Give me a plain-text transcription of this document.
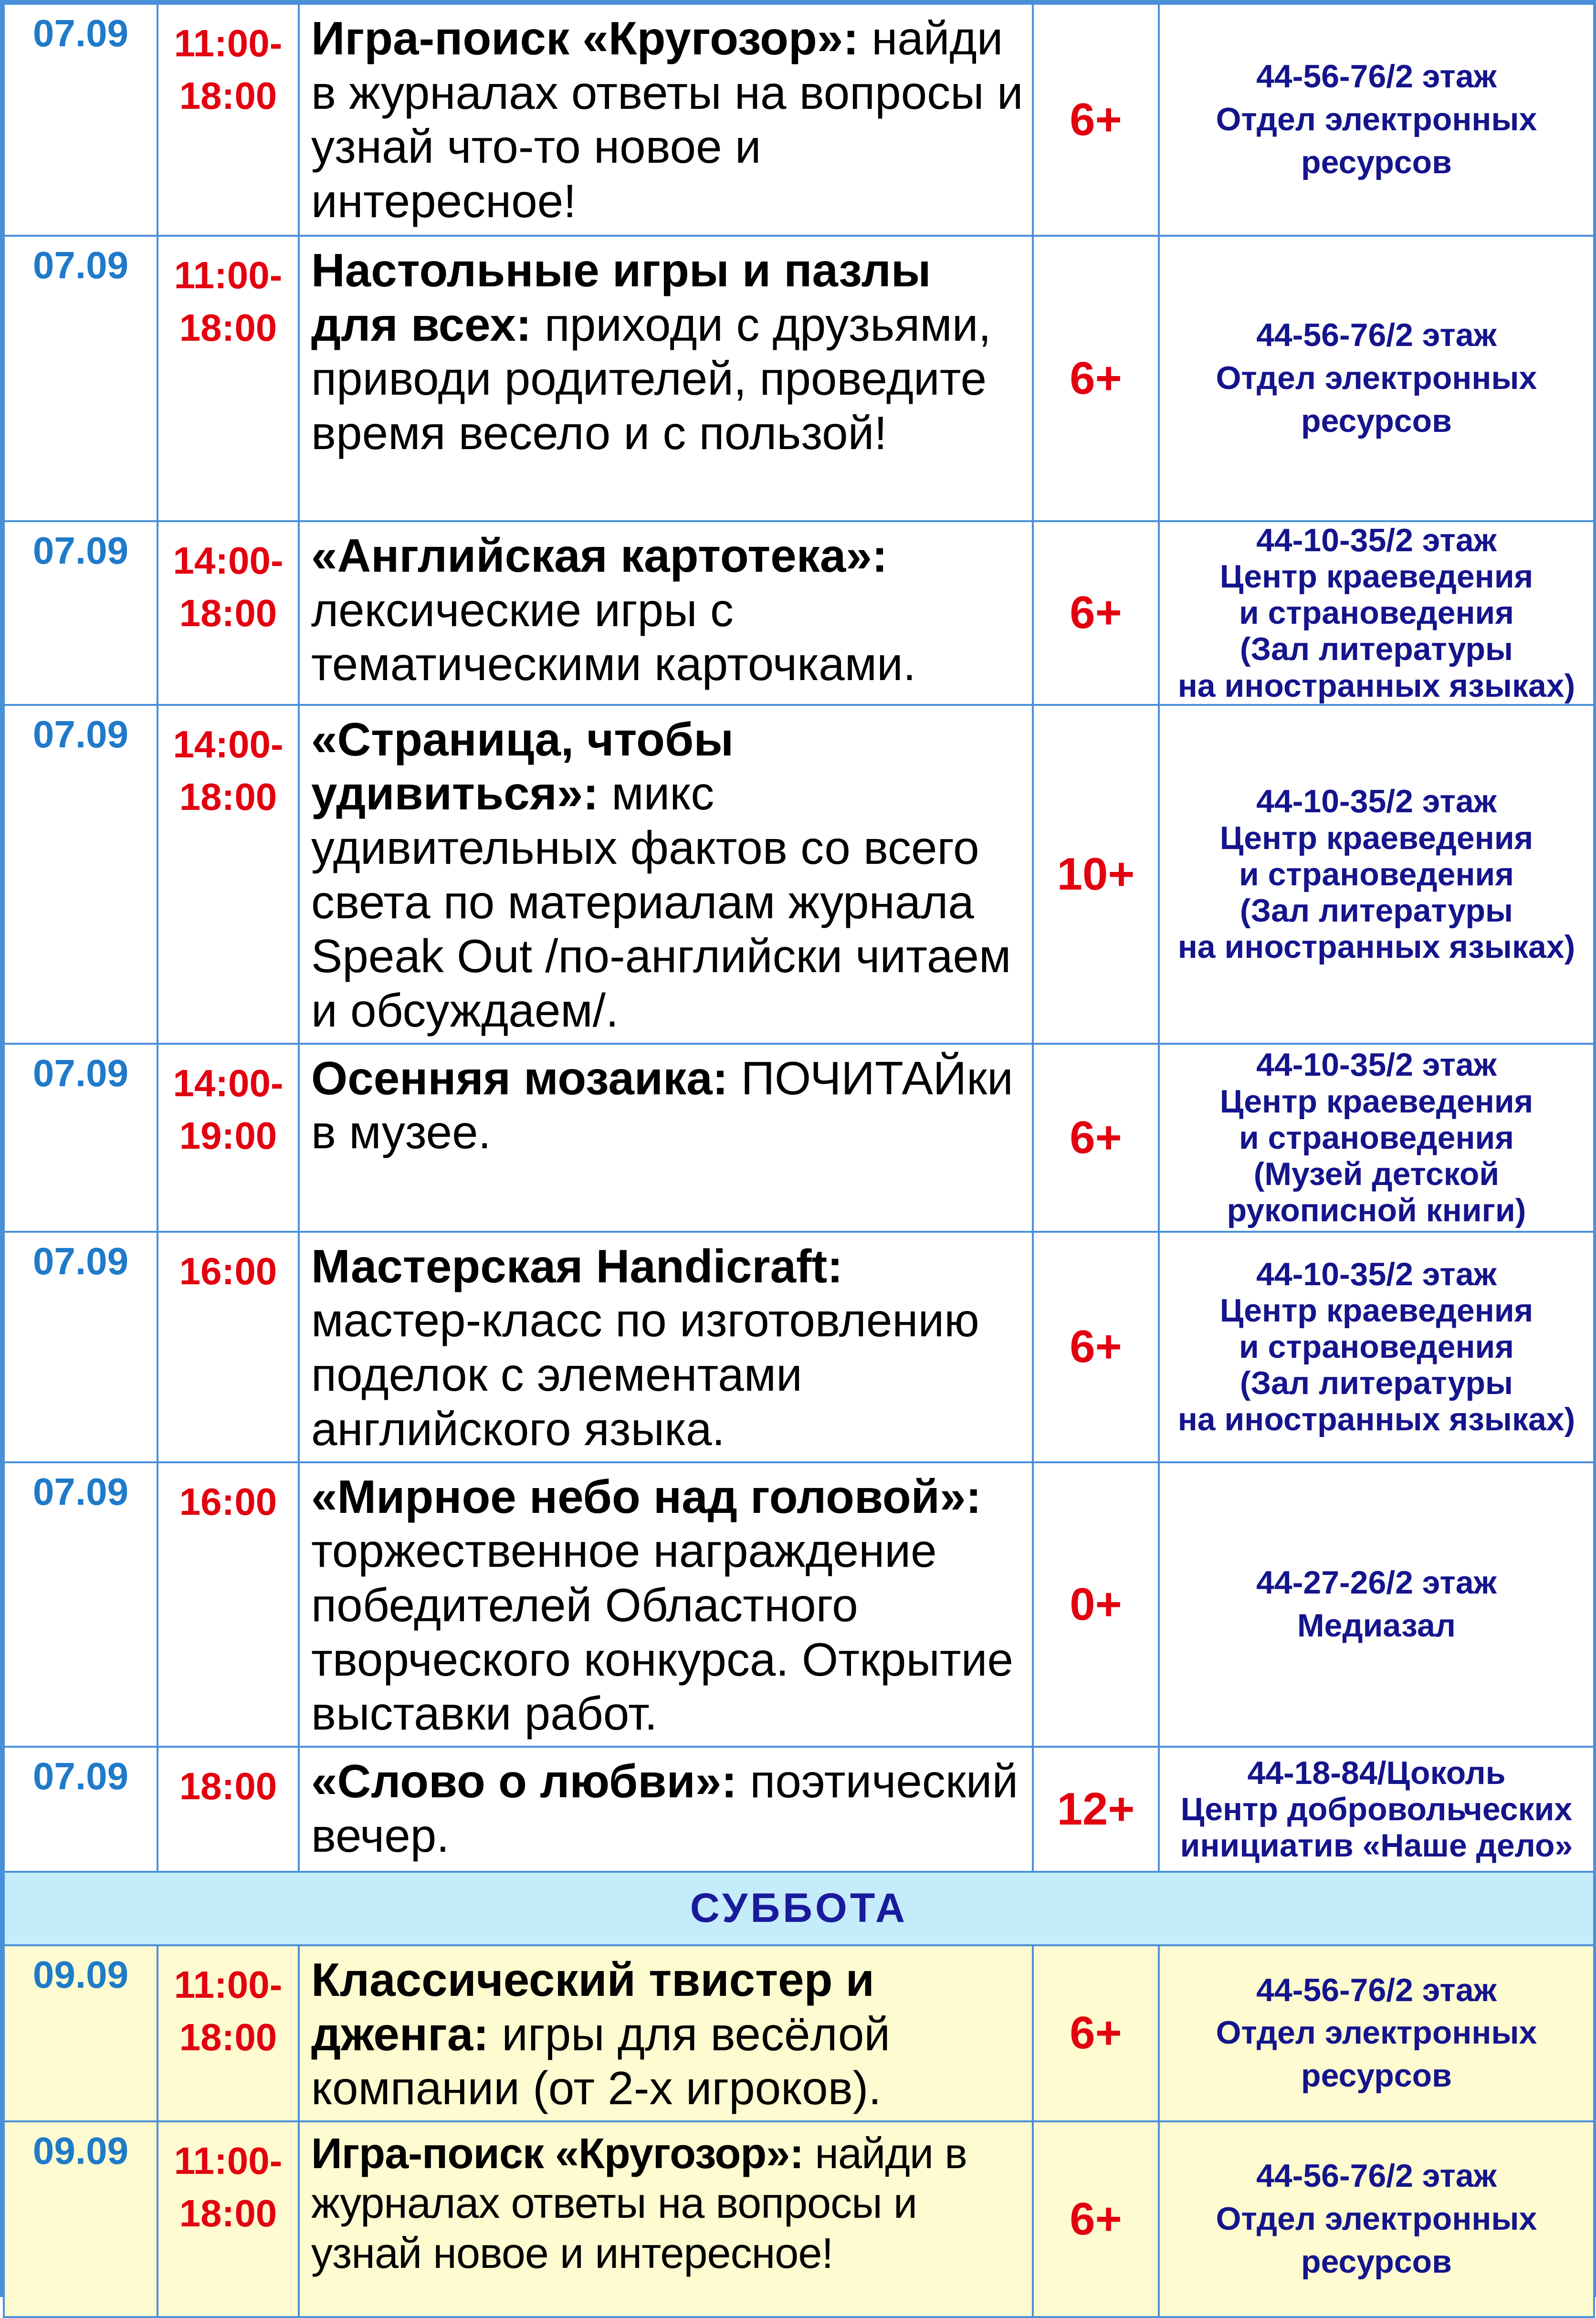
07.09	11:00-
18:00	Игра-поиск «Кругозор»: найди в журналах ответы на вопросы и узнай что-то новое и интересное!	6+	44-56-76/2 этаж
Отдел электронных
ресурсов

07.09	11:00-
18:00	Настольные игры и пазлы для всех: приходи с друзьями, приводи родителей, проведите время весело и с пользой!	6+	44-56-76/2 этаж
Отдел электронных
ресурсов

07.09	14:00-
18:00	«Английская картотека»: лексические игры с тематическими карточками.	6+	44-10-35/2 этаж
Центр краеведения
и страноведения
(Зал литературы
на иностранных языках)

07.09	14:00-
18:00	«Страница, чтобы удивиться»: микс удивительных фактов со всего света по материалам журнала Speak Out /по-английски читаем и обсуждаем/.	10+	44-10-35/2 этаж
Центр краеведения
и страноведения
(Зал литературы
на иностранных языках)

07.09	14:00-
19:00	Осенняя мозаика: ПОЧИТАЙки в музее.	6+	44-10-35/2 этаж
Центр краеведения
и страноведения
(Музей детской
рукописной книги)

07.09	16:00	Мастерская Handicraft: мастер-класс по изготовлению поделок с элементами английского языка.	6+	44-10-35/2 этаж
Центр краеведения
и страноведения
(Зал литературы
на иностранных языках)

07.09	16:00	«Мирное небо над головой»: торжественное награждение победителей Областного творческого конкурса. Открытие выставки работ.	0+	44-27-26/2 этаж
Медиазал

07.09	18:00	«Слово о любви»: поэтический вечер.	12+	44-18-84/Цоколь
Центр добровольческих
инициатив «Наше дело»

СУББОТА				
09.09	11:00-
18:00	Классический твистер и дженга: игры для весёлой компании (от 2-х игроков).	6+	44-56-76/2 этаж
Отдел электронных
ресурсов

09.09	11:00-
18:00	Игра-поиск «Кругозор»: найди в журналах ответы на вопросы и узнай новое и интересное!	6+	44-56-76/2 этаж
Отдел электронных
ресурсов
